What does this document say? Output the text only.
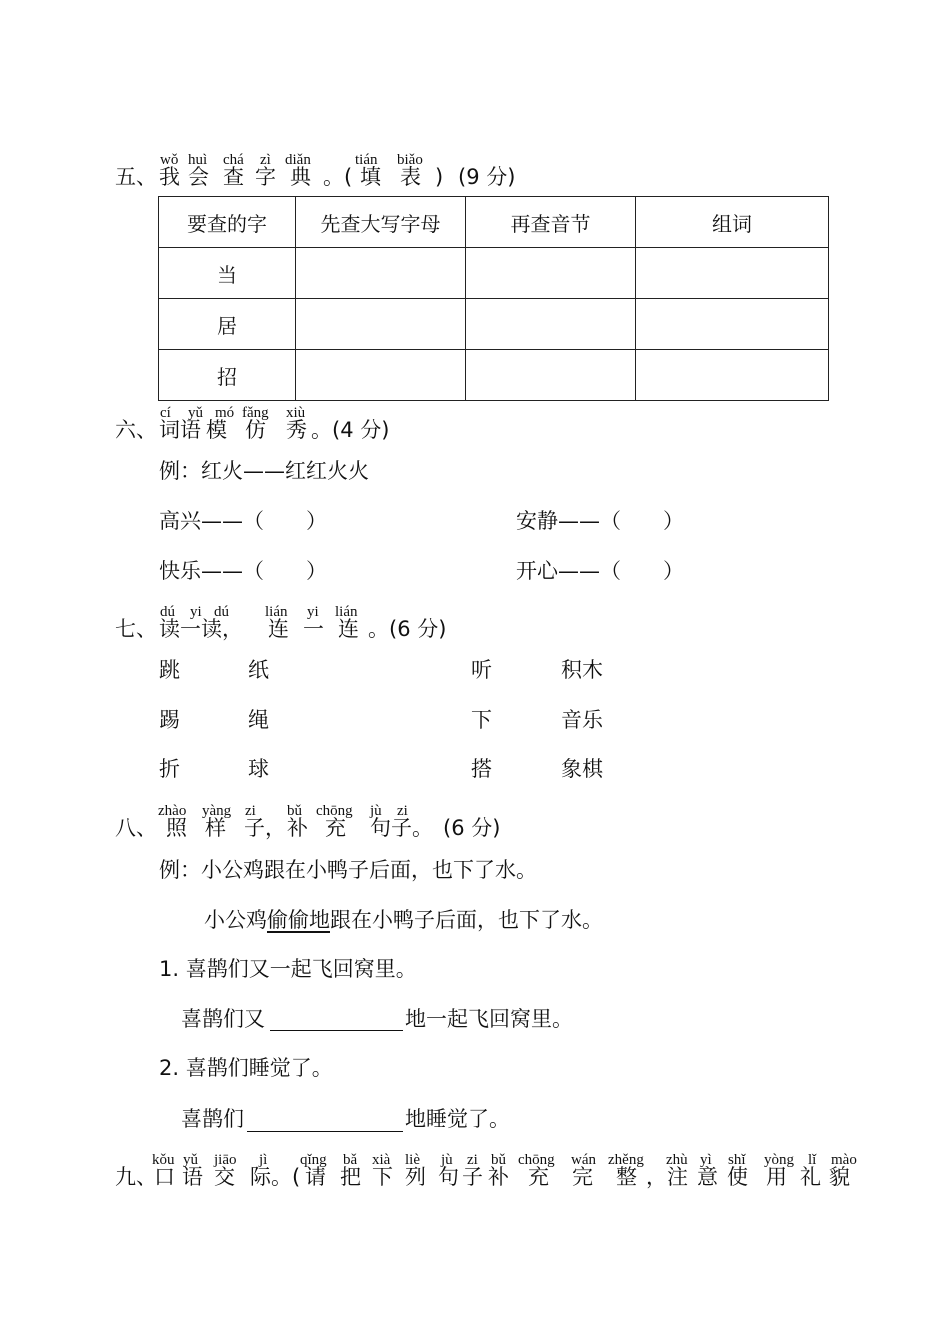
wǒ huì chá zì diǎn	tián biǎo
五、 我 会 查 字 典 。( 填 表 ) (9 分)
要查的字	先查大写字母	再查音节	组词
当			
居			
招			
cí yǔ mó fǎng xiù
六、 词语 模 仿 秀 。(4 分)
例：红火——红红火火
高兴——（　　）	安静——（　　）
快乐——（　　）	开心——（　　）
dú yi dú lián yi lián
七、 读一读， 连 一 连 。(6 分)
跳	纸	听	积木
踢	绳	下	音乐
折	球	搭	象棋
zhào yàng zi bǔ chōng jù zi
八、 照 样 子， 补 充 句子。 (6 分)
例：小公鸡跟在小鸭子后面，也下了水。
小公鸡偷偷地跟在小鸭子后面，也下了水。
1. 喜鹊们又一起飞回窝里。
喜鹊们又	地一起飞回窝里。
2. 喜鹊们睡觉了。
喜鹊们	地睡觉了。
kǒu yǔ jiāo jì qǐng bǎ xià liè jù zi bǔ chōng wán zhěng zhù yì shǐ yòng lǐ mào
九、
口 语 交 际。( 请 把 下 列 句 子 补 充 完 整 ，注 意 使 用 礼 貌
